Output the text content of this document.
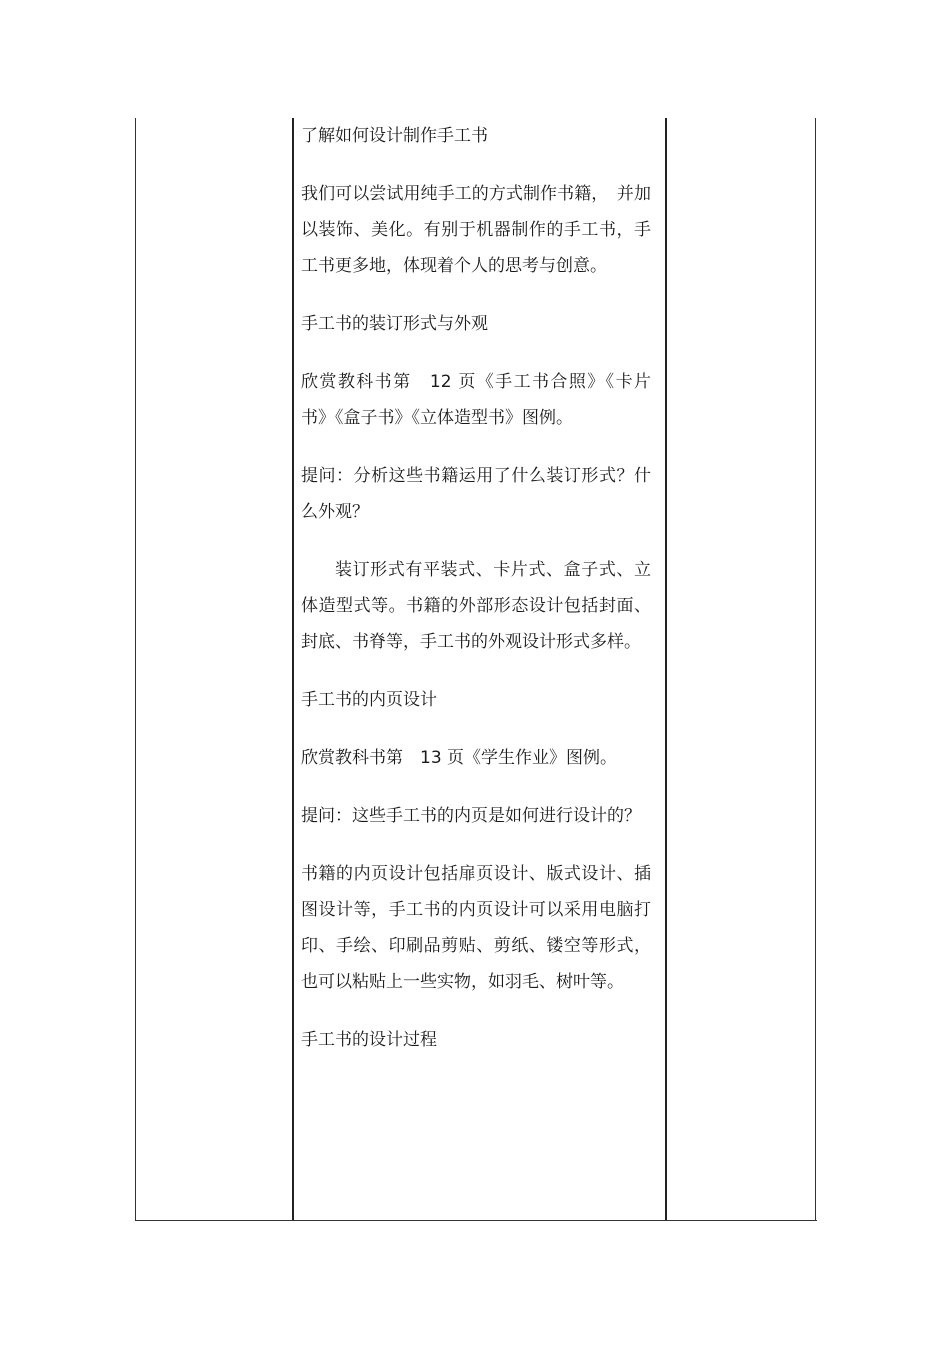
了解如何设计制作手工书

我们可以尝试用纯手工的方式制作书籍，　并加以装饰、美化。有别于机器制作的手工书，手工书更多地，体现着个人的思考与创意。

手工书的装订形式与外观

欣赏教科书第　12 页《手工书合照》《卡片书》《盒子书》《立体造型书》图例。

提问：分析这些书籍运用了什么装订形式？什么外观？

装订形式有平装式、卡片式、盒子式、立体造型式等。书籍的外部形态设计包括封面、封底、书脊等，手工书的外观设计形式多样。

手工书的内页设计

欣赏教科书第　13 页《学生作业》图例。

提问：这些手工书的内页是如何进行设计的？

书籍的内页设计包括扉页设计、版式设计、插图设计等，手工书的内页设计可以采用电脑打印、手绘、印刷品剪贴、剪纸、镂空等形式，也可以粘贴上一些实物，如羽毛、树叶等。

手工书的设计过程
